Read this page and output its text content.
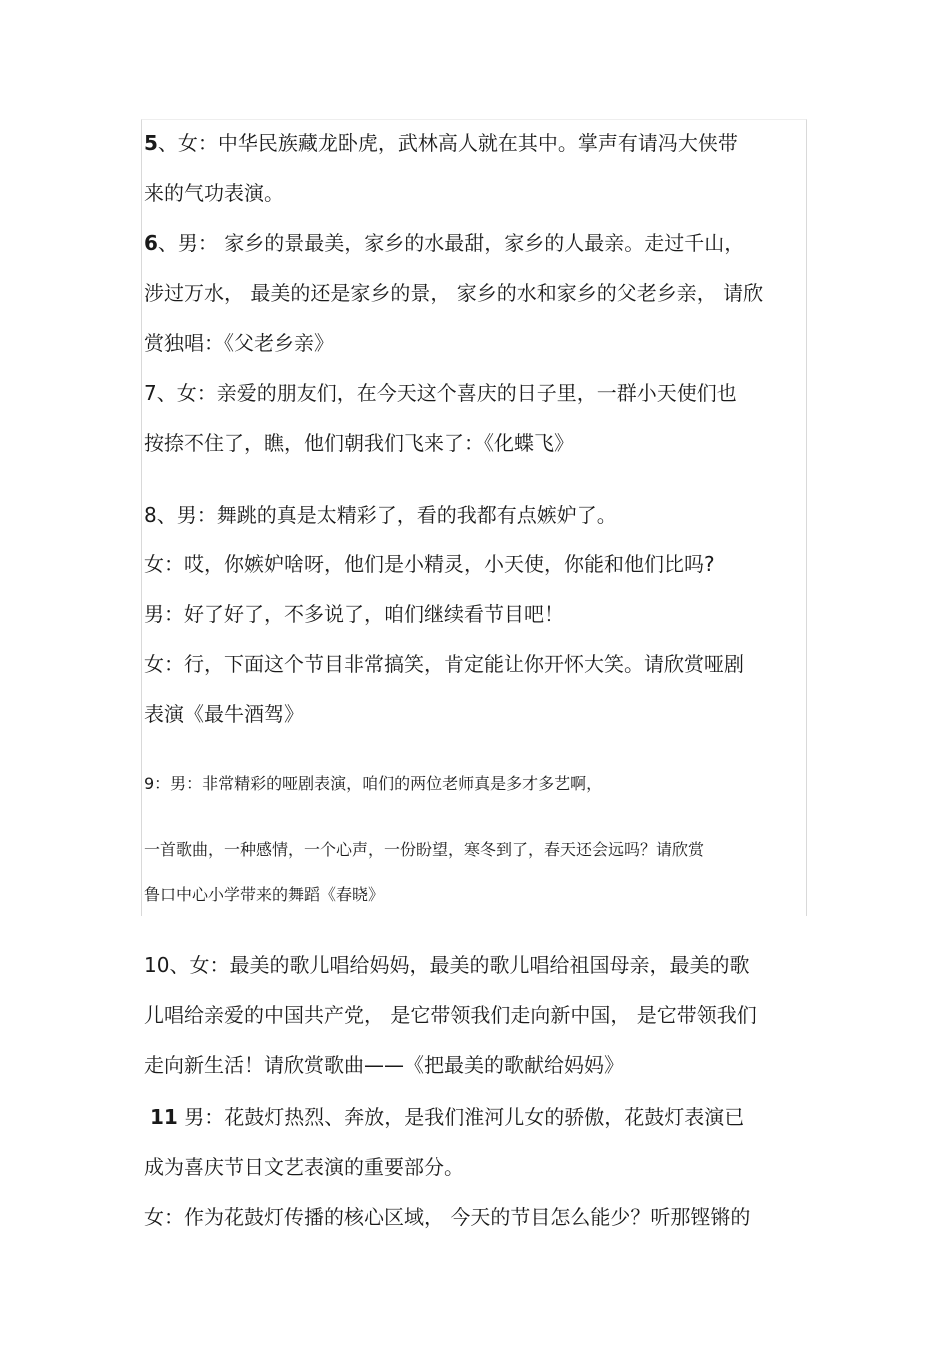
5、女：中华民族藏龙卧虎，武林高人就在其中。掌声有请冯大侠带
来的气功表演。
6、男： 家乡的景最美，家乡的水最甜，家乡的人最亲。走过千山，
涉过万水， 最美的还是家乡的景， 家乡的水和家乡的父老乡亲， 请欣
赏独唱：《父老乡亲》
7、女：亲爱的朋友们，在今天这个喜庆的日子里，一群小天使们也
按捺不住了，瞧，他们朝我们飞来了：《化蝶飞》
8、男：舞跳的真是太精彩了，看的我都有点嫉妒了。
女：哎，你嫉妒啥呀，他们是小精灵，小天使，你能和他们比吗?
男：好了好了，不多说了，咱们继续看节目吧！
女：行，下面这个节目非常搞笑，肯定能让你开怀大笑。请欣赏哑剧
表演《最牛酒驾》
9：男：非常精彩的哑剧表演，咱们的两位老师真是多才多艺啊，
一首歌曲，一种感情，一个心声，一份盼望，寒冬到了，春天还会远吗？请欣赏
鲁口中心小学带来的舞蹈《春晓》
10、女：最美的歌儿唱给妈妈，最美的歌儿唱给祖国母亲，最美的歌
儿唱给亲爱的中国共产党， 是它带领我们走向新中国， 是它带领我们
走向新生活！请欣赏歌曲——《把最美的歌献给妈妈》
11 男：花鼓灯热烈、奔放，是我们淮河儿女的骄傲，花鼓灯表演已
成为喜庆节日文艺表演的重要部分。
女：作为花鼓灯传播的核心区域， 今天的节目怎么能少？听那铿锵的
